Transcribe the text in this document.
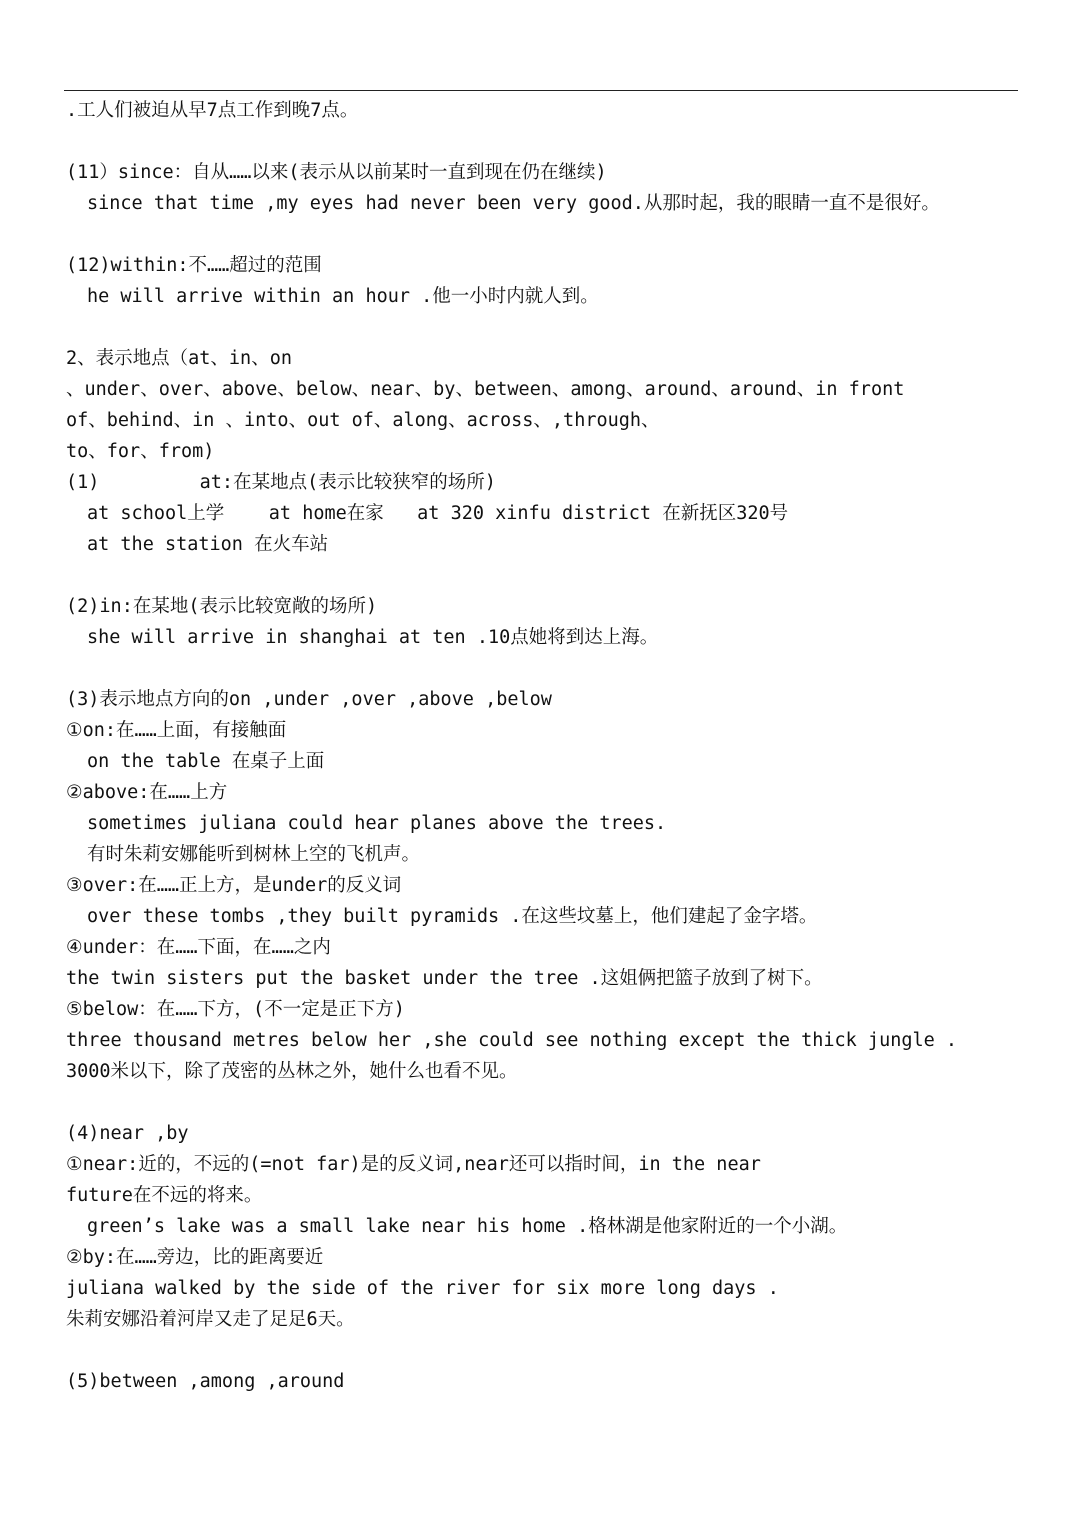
.工人们被迫从早7点工作到晚7点。
(11）since：自从……以来(表示从以前某时一直到现在仍在继续)
since that time ,my eyes had never been very good.从那时起，我的眼睛一直不是很好。
(12)within:不……超过的范围
he will arrive within an hour .他一小时内就人到。
2、表示地点（at、in、on
、under、over、above、below、near、by、between、among、around、around、in front
of、behind、in 、into、out of、along、across、,through、
to、for、from)
(1)         at:在某地点(表示比较狭窄的场所)
at school上学    at home在家   at 320 xinfu district 在新抚区320号
at the station 在火车站
(2)in:在某地(表示比较宽敞的场所)
she will arrive in shanghai at ten .10点她将到达上海。
(3)表示地点方向的on ,under ,over ,above ,below
①on:在……上面，有接触面
on the table 在桌子上面
②above:在……上方
sometimes juliana could hear planes above the trees.
有时朱莉安娜能听到树林上空的飞机声。
③over:在……正上方，是under的反义词
over these tombs ,they built pyramids .在这些坟墓上，他们建起了金字塔。
④under：在……下面，在……之内
the twin sisters put the basket under the tree .这姐俩把篮子放到了树下。
⑤below：在……下方，(不一定是正下方)
three thousand metres below her ,she could see nothing except the thick jungle .
3000米以下，除了茂密的丛林之外，她什么也看不见。
(4)near ,by
①near:近的，不远的(=not far)是的反义词,near还可以指时间，in the near
future在不远的将来。
green’s lake was a small lake near his home .格林湖是他家附近的一个小湖。
②by:在……旁边，比的距离要近
juliana walked by the side of the river for six more long days .
朱莉安娜沿着河岸又走了足足6天。
(5)between ,among ,around
